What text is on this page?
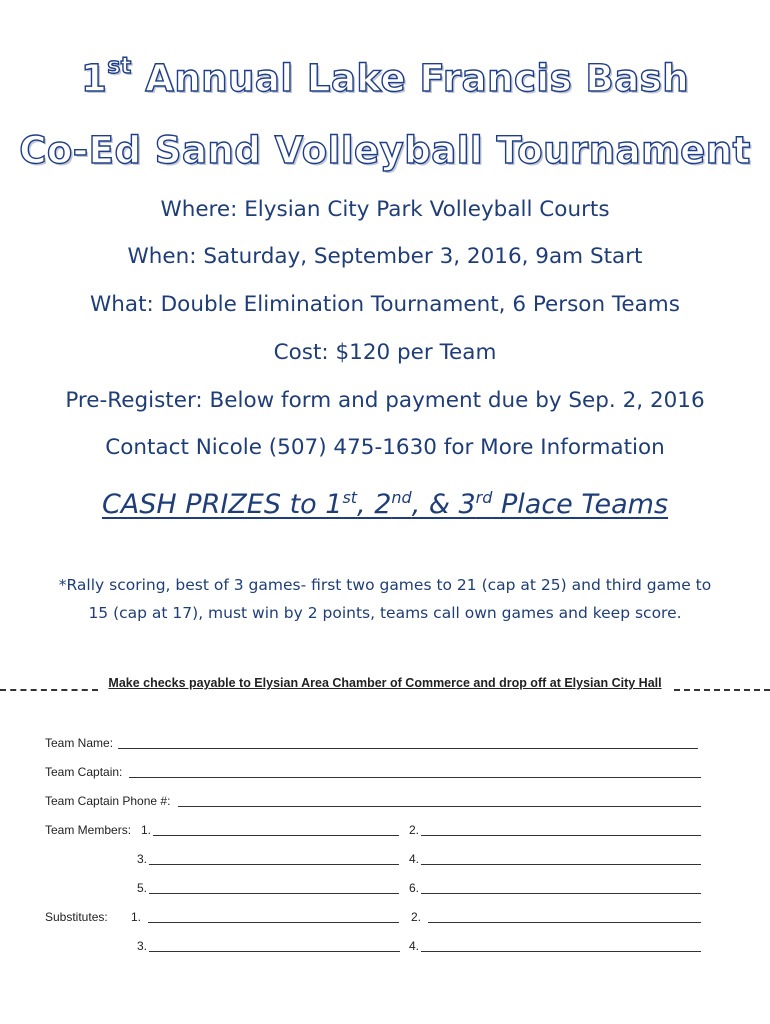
1st Annual Lake Francis Bash
Co-Ed Sand Volleyball Tournament
Where: Elysian City Park Volleyball Courts
When: Saturday, September 3, 2016, 9am Start
What: Double Elimination Tournament, 6 Person Teams
Cost: $120 per Team
Pre-Register: Below form and payment due by Sep. 2, 2016
Contact Nicole (507) 475-1630 for More Information
CASH PRIZES to 1st, 2nd, & 3rd Place Teams
*Rally scoring, best of 3 games- first two games to 21 (cap at 25) and third game to
15 (cap at 17), must win by 2 points, teams call own games and keep score.
Make checks payable to Elysian Area Chamber of Commerce and drop off at Elysian City Hall
Team Name:
Team Captain:
Team Captain Phone #:
Team Members: 1.	2.
3.	4.
5.	6.
Substitutes: 1.	2.
3.	4.
